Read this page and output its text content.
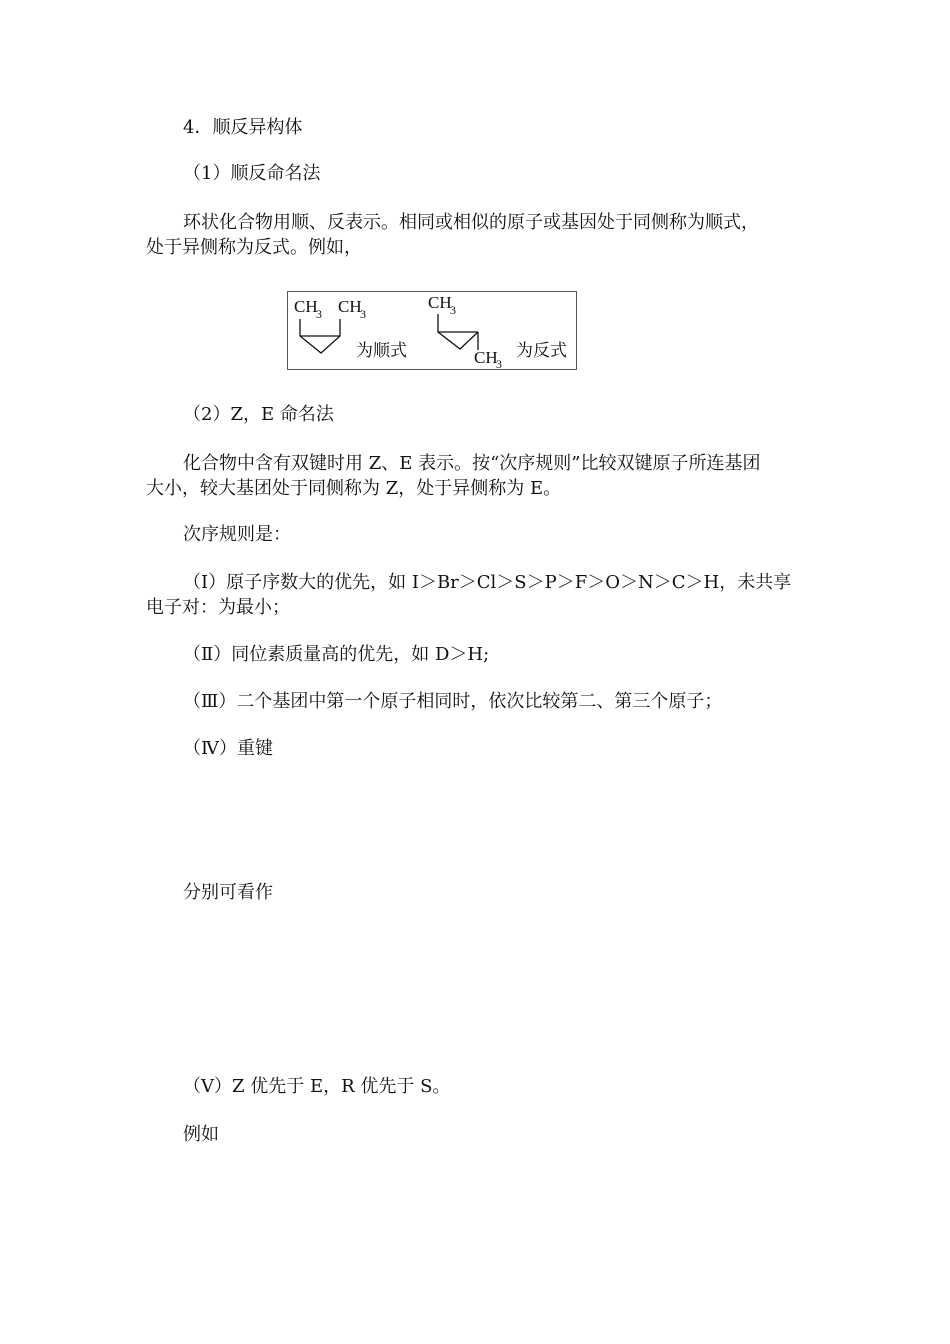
4．顺反异构体
（1）顺反命名法
环状化合物用顺、反表示。相同或相似的原子或基因处于同侧称为顺式，
处于异侧称为反式。例如，
CH
3 CH
3
为顺式
CH
3
CH
3
为反式
（2）Z，E 命名法
化合物中含有双键时用 Z、E 表示。按“次序规则”比较双键原子所连基团
大小，较大基团处于同侧称为 Z，处于异侧称为 E。
次序规则是：
（Ⅰ）原子序数大的优先，如 I＞Br＞Cl＞S＞P＞F＞O＞N＞C＞H，未共享
电子对：为最小；
（Ⅱ）同位素质量高的优先，如 D＞H;
（Ⅲ）二个基团中第一个原子相同时，依次比较第二、第三个原子；
（Ⅳ）重键
分别可看作
（Ⅴ）Z 优先于 E，R 优先于 S。
例如
